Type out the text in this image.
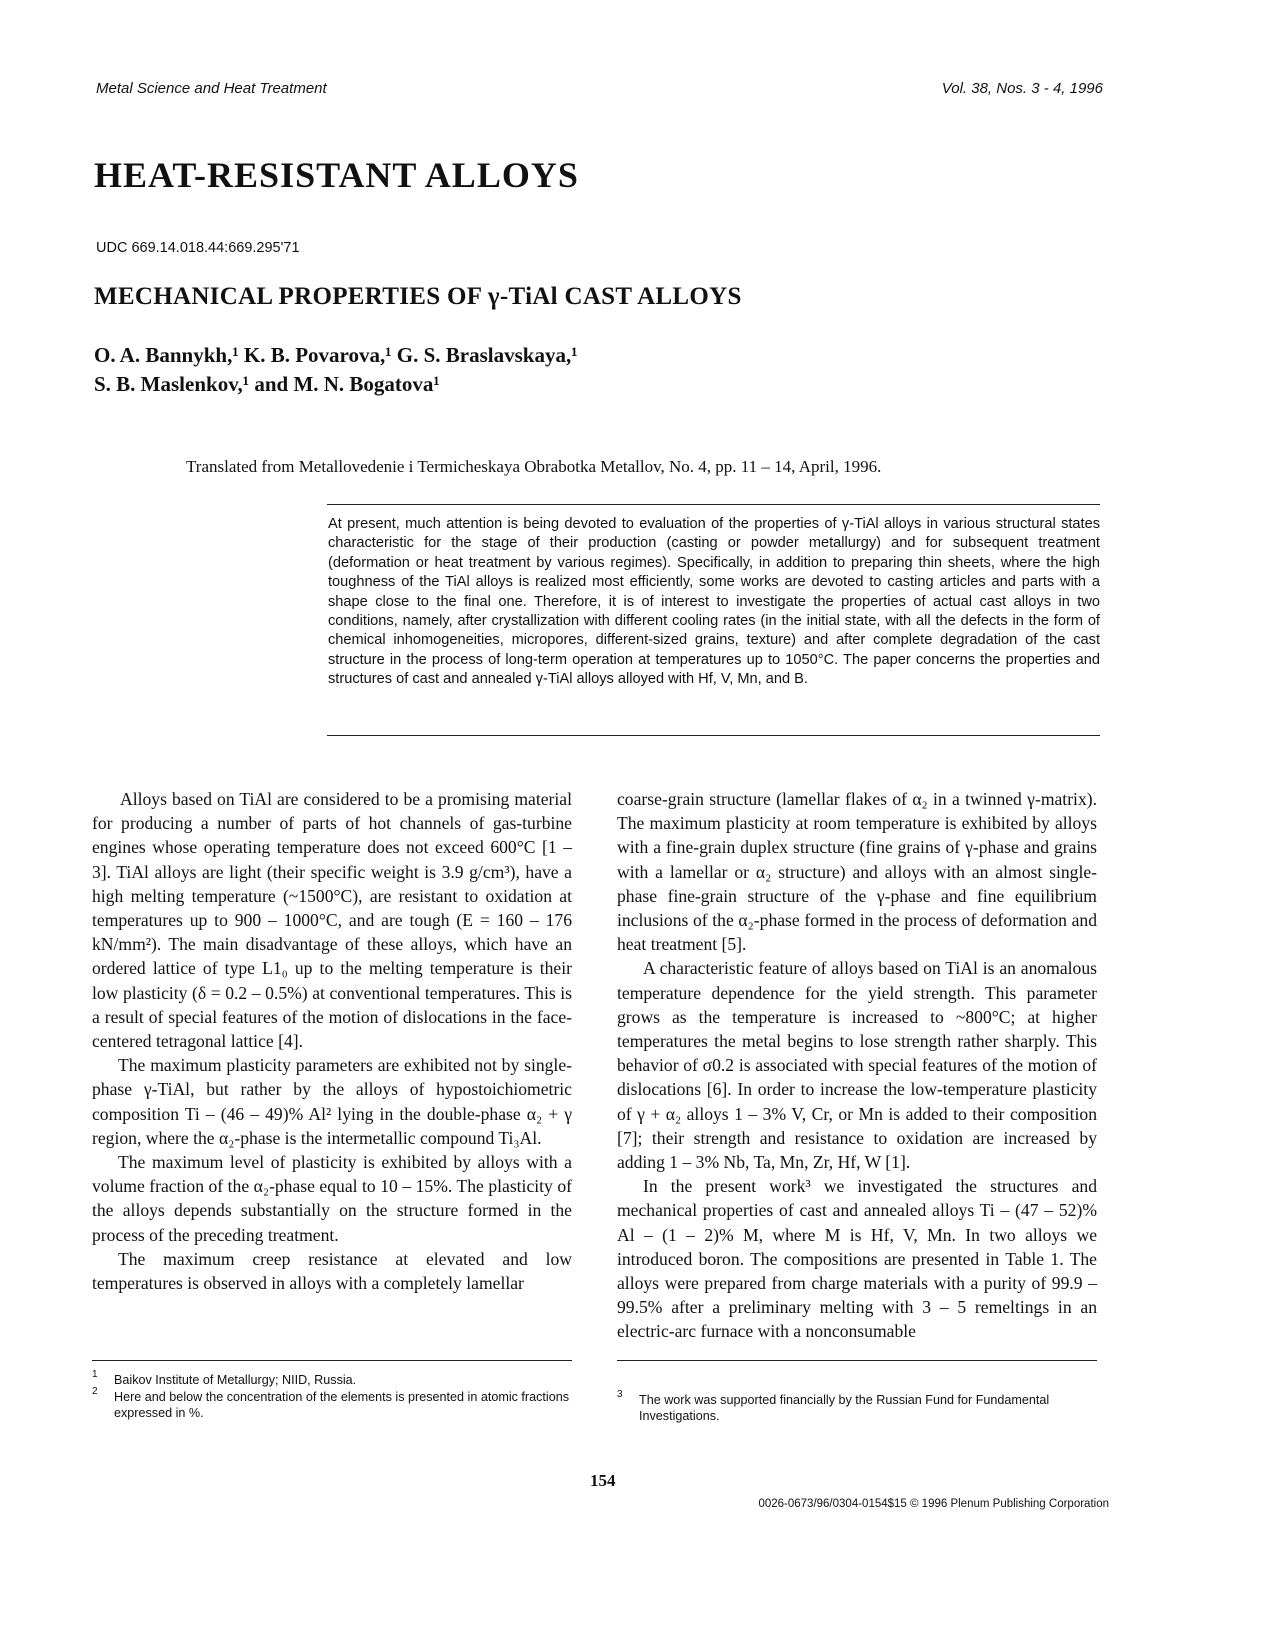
Metal Science and Heat Treatment	Vol. 38, Nos. 3 - 4, 1996
HEAT-RESISTANT ALLOYS
UDC 669.14.018.44:669.295'71
MECHANICAL PROPERTIES OF γ-TiAl CAST ALLOYS
O. A. Bannykh,¹ K. B. Povarova,¹ G. S. Braslavskaya,¹
S. B. Maslenkov,¹ and M. N. Bogatova¹
Translated from Metallovedenie i Termicheskaya Obrabotka Metallov, No. 4, pp. 11 – 14, April, 1996.
At present, much attention is being devoted to evaluation of the properties of γ-TiAl alloys in various structural states characteristic for the stage of their production (casting or powder metallurgy) and for subsequent treatment (deformation or heat treatment by various regimes). Specifically, in addition to preparing thin sheets, where the high toughness of the TiAl alloys is realized most efficiently, some works are devoted to casting articles and parts with a shape close to the final one. Therefore, it is of interest to investigate the properties of actual cast alloys in two conditions, namely, after crystallization with different cooling rates (in the initial state, with all the defects in the form of chemical inhomogeneities, micropores, different-sized grains, texture) and after complete degradation of the cast structure in the process of long-term operation at temperatures up to 1050°C. The paper concerns the properties and structures of cast and annealed γ-TiAl alloys alloyed with Hf, V, Mn, and B.

Alloys based on TiAl are considered to be a promising material for producing a number of parts of hot channels of gas-turbine engines whose operating temperature does not exceed 600°C [1 – 3]. TiAl alloys are light (their specific weight is 3.9 g/cm³), have a high melting temperature (~1500°C), are resistant to oxidation at temperatures up to 900 – 1000°C, and are tough (E = 160 – 176 kN/mm²). The main disadvantage of these alloys, which have an ordered lattice of type L1₀ up to the melting temperature is their low plasticity (δ = 0.2 – 0.5%) at conventional temperatures. This is a result of special features of the motion of dislocations in the face-centered tetragonal lattice [4].

The maximum plasticity parameters are exhibited not by single-phase γ-TiAl, but rather by the alloys of hypostoichiometric composition Ti – (46 – 49)% Al² lying in the double-phase α₂ + γ region, where the α₂-phase is the intermetallic compound Ti₃Al.

The maximum level of plasticity is exhibited by alloys with a volume fraction of the α₂-phase equal to 10 – 15%. The plasticity of the alloys depends substantially on the structure formed in the process of the preceding treatment.

The maximum creep resistance at elevated and low temperatures is observed in alloys with a completely lamellar

coarse-grain structure (lamellar flakes of α₂ in a twinned γ-matrix). The maximum plasticity at room temperature is exhibited by alloys with a fine-grain duplex structure (fine grains of γ-phase and grains with a lamellar or α₂ structure) and alloys with an almost single-phase fine-grain structure of the γ-phase and fine equilibrium inclusions of the α₂-phase formed in the process of deformation and heat treatment [5].

A characteristic feature of alloys based on TiAl is an anomalous temperature dependence for the yield strength. This parameter grows as the temperature is increased to ~800°C; at higher temperatures the metal begins to lose strength rather sharply. This behavior of σ0.2 is associated with special features of the motion of dislocations [6]. In order to increase the low-temperature plasticity of γ + α₂ alloys 1 – 3% V, Cr, or Mn is added to their composition [7]; their strength and resistance to oxidation are increased by adding 1 – 3% Nb, Ta, Mn, Zr, Hf, W [1].

In the present work³ we investigated the structures and mechanical properties of cast and annealed alloys Ti – (47 – 52)% Al – (1 – 2)% M, where M is Hf, V, Mn. In two alloys we introduced boron. The compositions are presented in Table 1. The alloys were prepared from charge materials with a purity of 99.9 – 99.5% after a preliminary melting with 3 – 5 remeltings in an electric-arc furnace with a nonconsumable

1 Baikov Institute of Metallurgy; NIID, Russia.
2 Here and below the concentration of the elements is presented in atomic fractions expressed in %.
3 The work was supported financially by the Russian Fund for Fundamental Investigations.
154
0026-0673/96/0304-0154$15 © 1996 Plenum Publishing Corporation
